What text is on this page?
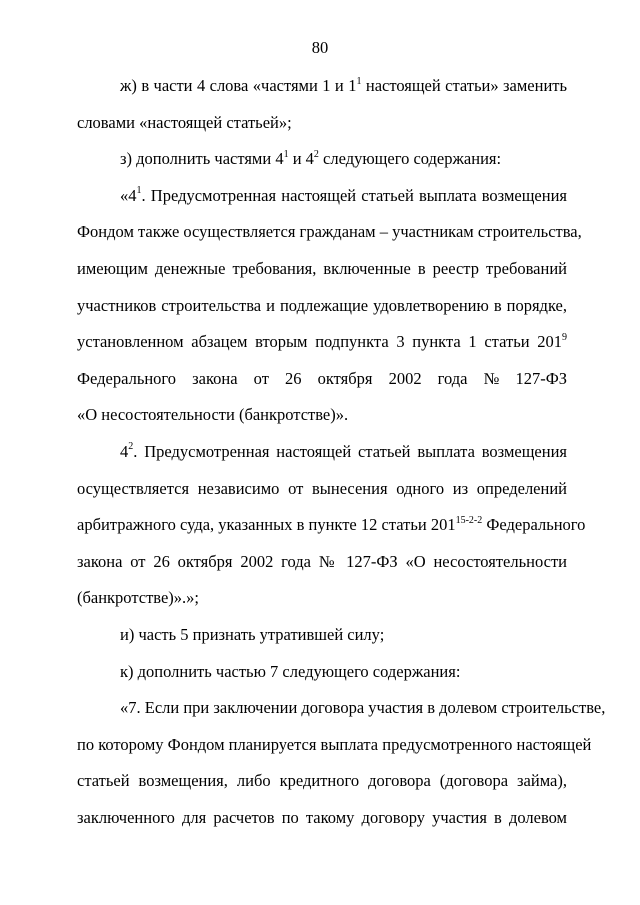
80
ж) в части 4 слова «частями 1 и $1^1$ настоящей статьи» заменить
словами «настоящей статьей»;
з) дополнить частями $4^1$ и $4^2$ следующего содержания:
«$4^1$. Предусмотренная настоящей статьей выплата возмещения
Фондом также осуществляется гражданам – участникам строительства,
имеющим денежные требования, включенные в реестр требований
участников строительства и подлежащие удовлетворению в порядке,
установленном абзацем вторым подпункта 3 пункта 1 статьи $201^9$
Федерального закона от 26 октября 2002 года № 127-ФЗ
«О несостоятельности (банкротстве)».
$4^2$. Предусмотренная настоящей статьей выплата возмещения
осуществляется независимо от вынесения одного из определений
арбитражного суда, указанных в пункте 12 статьи 201$^{15-2-2}$ Федерального
закона от 26 октября 2002 года № 127-ФЗ «О несостоятельности
(банкротстве)».»;
и) часть 5 признать утратившей силу;
к) дополнить частью 7 следующего содержания:
«7. Если при заключении договора участия в долевом строительстве,
по которому Фондом планируется выплата предусмотренного настоящей
статьей возмещения, либо кредитного договора (договора займа),
заключенного для расчетов по такому договору участия в долевом
